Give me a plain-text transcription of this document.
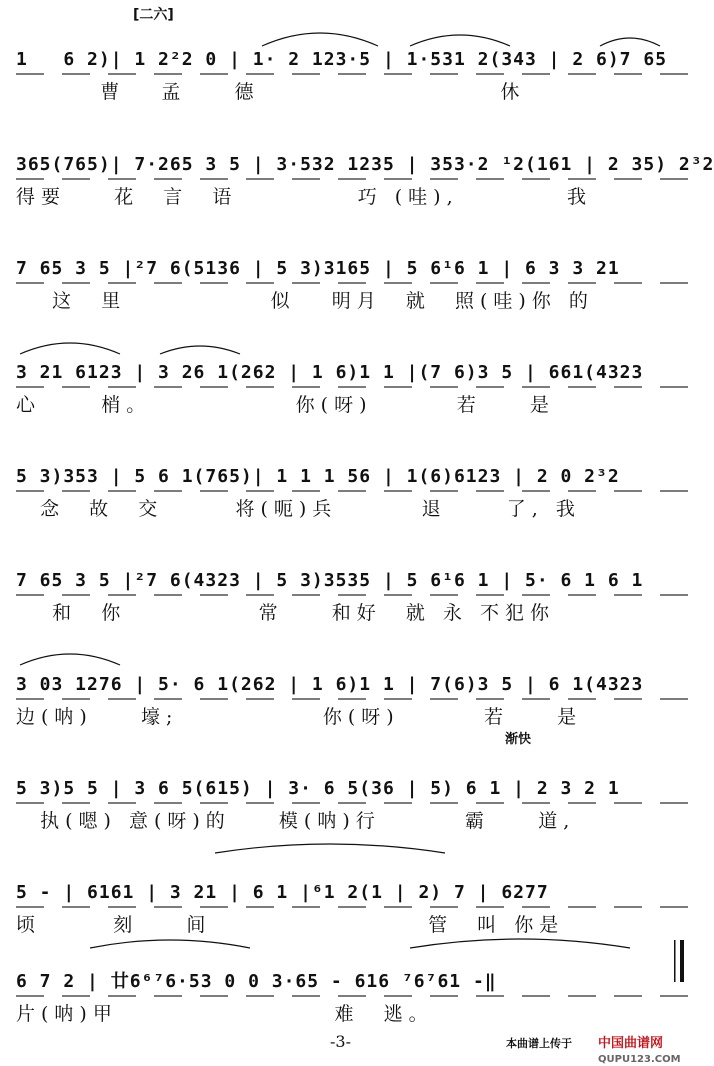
[二六]
渐快
1   6 2)| 1 2²2 0 | 1· 2 123·5 | 1·531 2(343 | 2 6)7 65
曹   孟    德                    休
365(765)| 7·265 3 5 | 3·532 1235 | 353·2 ¹2(161 | 2 35) 2³2
得要    花  言  语          巧 (哇),         我
7 65 3 5 |²7 6(5136 | 5 3)3165 | 5 6¹6 1 | 6 3 3 21
这  里            似   明月  就  照(哇)你 的
3 21 6123 | 3 26 1(262 | 1 6)1 1 |(7 6)3 5 | 661(4323
心     梢。            你(呀)       若    是
5 3)353 | 5 6 1(765)| 1 1 1 56 | 1(6)6123 | 2 0 2³2
念  故  交      将(呃)兵       退     了, 我
7 65 3 5 |²7 6(4323 | 5 3)3535 | 5 6¹6 1 | 5· 6 1 6 1
和  你           常    和好  就 永 不犯你
3 03 1276 | 5· 6 1(262 | 1 6)1 1 | 7(6)3 5 | 6 1(4323
边(呐)    壕;            你(呀)       若    是
5 3)5 5 | 3 6 5(615) | 3· 6 5(36 | 5) 6 1 | 2 3 2 1
执(嗯) 意(呀)的    模(呐)行       霸    道,
5 - | 6161 | 3 21 | 6 1 |⁶1 2(1 | 2) 7 | 6277
顷      刻    间                  管  叫 你是
6 7 2 | 廿6⁶⁷6·53 0 0 3·65 - 616 ⁷6⁷61 -‖
片(呐)甲                  难  逃。
-3-	本曲谱上传于 中国曲谱网 QUPU123.COM
